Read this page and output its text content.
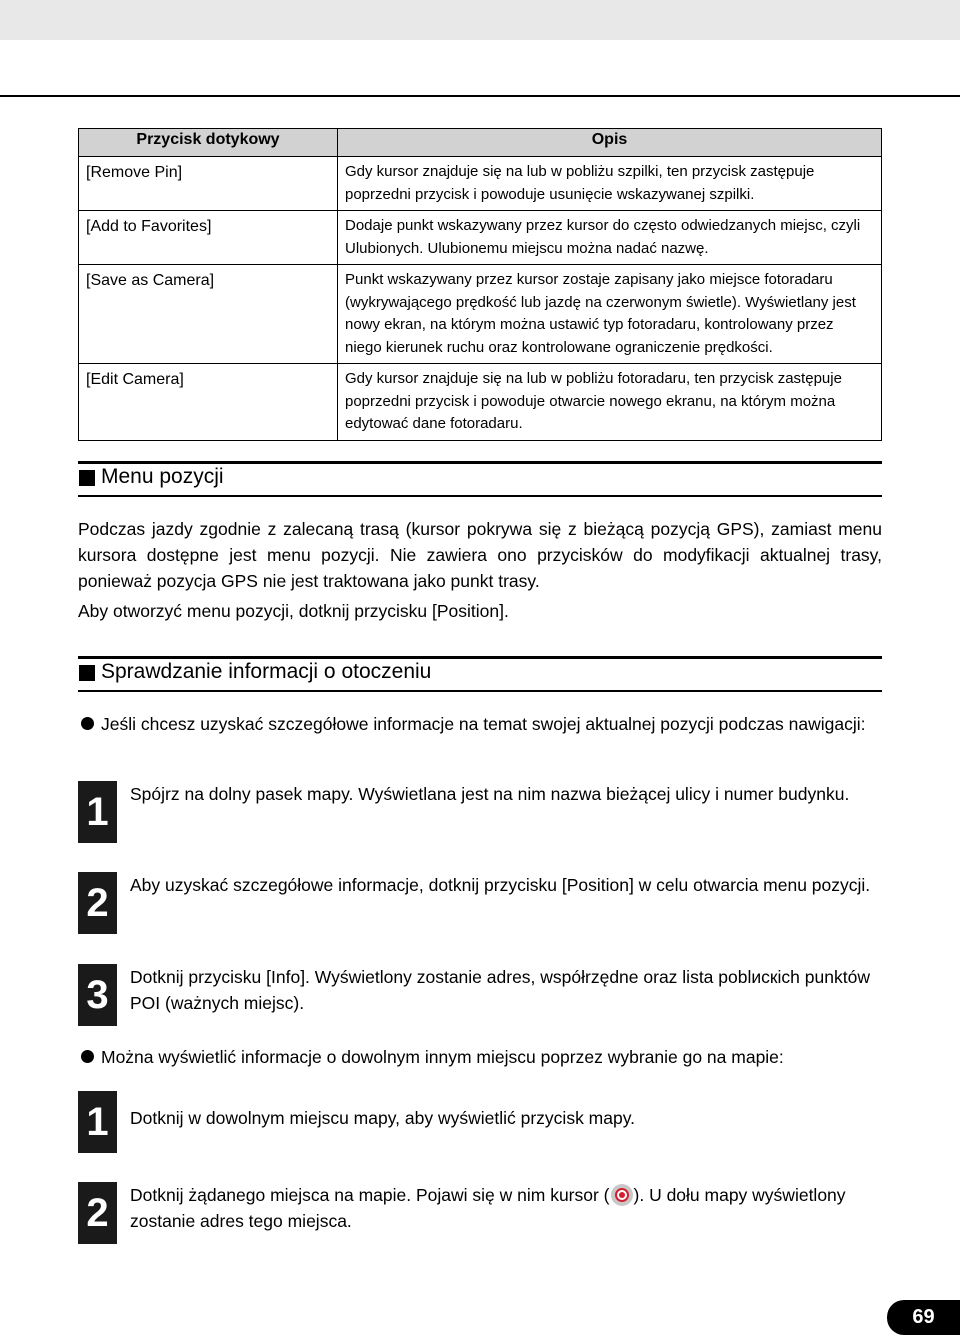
Przycisk dotykowy	Opis
[Remove Pin]	Gdy kursor znajduje się na lub w pobliżu szpilki, ten przycisk zastępuje poprzedni przycisk i powoduje usunięcie wskazywanej szpilki.
[Add to Favorites]	Dodaje punkt wskazywany przez kursor do często odwiedzanych miejsc, czyli Ulubionych. Ulubionemu miejscu można nadać nazwę.
[Save as Camera]	Punkt wskazywany przez kursor zostaje zapisany jako miejsce fotoradaru (wykrywającego prędkość lub jazdę na czerwonym świetle). Wyświetlany jest nowy ekran, na którym można ustawić typ fotoradaru, kontrolowany przez niego kierunek ruchu oraz kontrolowane ograniczenie prędkości.
[Edit Camera]	Gdy kursor znajduje się na lub w pobliżu fotoradaru, ten przycisk zastępuje poprzedni przycisk i powoduje otwarcie nowego ekranu, na którym można edytować dane fotoradaru.
Menu pozycji
Podczas jazdy zgodnie z zalecaną trasą (kursor pokrywa się z bieżącą pozycją GPS), zamiast menu kursora dostępne jest menu pozycji. Nie zawiera ono przycisków do modyfikacji aktualnej trasy, ponieważ pozycja GPS nie jest traktowana jako punkt trasy.
Aby otworzyć menu pozycji, dotknij przycisku [Position].
Sprawdzanie informacji o otoczeniu
Jeśli chcesz uzyskać szczegółowe informacje na temat swojej aktualnej pozycji podczas nawigacji:
1	Spójrz na dolny pasek mapy. Wyświetlana jest na nim nazwa bieżącej ulicy i numer budynku.
2	Aby uzyskać szczegółowe informacje, dotknij przycisku [Position] w celu otwarcia menu pozycji.
3	Dotknij przycisku [Info]. Wyświetlony zostanie adres, współrzędne oraz lista poblискich punktów POI (ważnych miejsc).
Można wyświetlić informacje o dowolnym innym miejscu poprzez wybranie go na mapie:
1	Dotknij w dowolnym miejscu mapy, aby wyświetlić przycisk mapy.
2	Dotknij żądanego miejsca na mapie. Pojawi się w nim kursor ( ). U dołu mapy wyświetlony zostanie adres tego miejsca.
69
